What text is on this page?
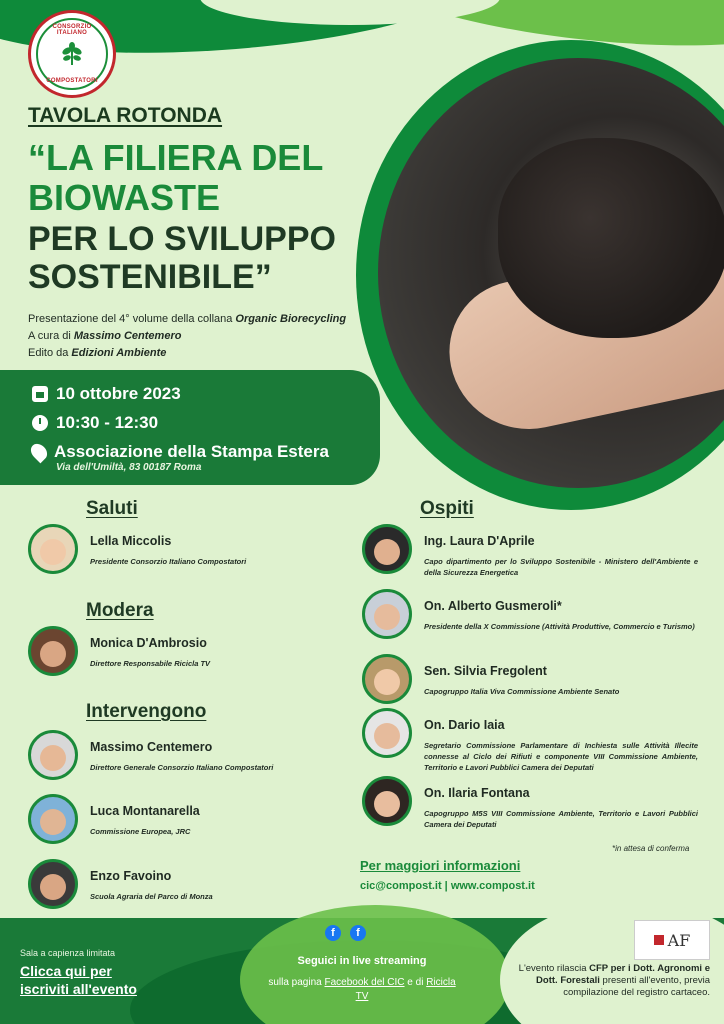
CONSORZIO ITALIANO
COMPOSTATORI
TAVOLA ROTONDA
“LA FILIERA DEL
BIOWASTE
PER LO SVILUPPO
SOSTENIBILE”
Presentazione del 4° volume della collana Organic Biorecycling
A cura di Massimo Centemero
Edito da Edizioni Ambiente
10 ottobre 2023
10:30 - 12:30
Associazione della Stampa Estera
Via dell'Umiltà, 83 00187 Roma
Saluti
Lella Miccolis
Presidente Consorzio Italiano Compostatori
Modera
Monica D'Ambrosio
Direttore Responsabile Ricicla TV
Intervengono
Massimo Centemero
Direttore Generale Consorzio Italiano Compostatori
Luca Montanarella
Commissione Europea, JRC
Enzo Favoino
Scuola Agraria del Parco di Monza
Ospiti
Ing. Laura D'Aprile
Capo dipartimento per lo Sviluppo Sostenibile - Ministero dell'Ambiente e della Sicurezza Energetica
On. Alberto Gusmeroli*
Presidente della X Commissione (Attività Produttive, Commercio e Turismo)
Sen. Silvia Fregolent
Capogruppo Italia Viva Commissione Ambiente Senato
On. Dario Iaia
Segretario Commissione Parlamentare di Inchiesta sulle Attività Illecite connesse al Ciclo dei Rifiuti e componente VIII Commissione Ambiente, Territorio e Lavori Pubblici Camera dei Deputati
On. Ilaria Fontana
Capogruppo M5S VIII Commissione Ambiente, Territorio e Lavori Pubblici Camera dei Deputati
*in attesa di conferma
Per maggiori informazioni
cic@compost.it | www.compost.it
Sala a capienza limitata
Clicca qui per iscriviti all'evento
f	f
Seguici in live streaming
sulla pagina Facebook del CIC e di Ricicla TV
AF
L'evento rilascia CFP per i Dott. Agronomi e Dott. Forestali presenti all'evento, previa compilazione del registro cartaceo.
